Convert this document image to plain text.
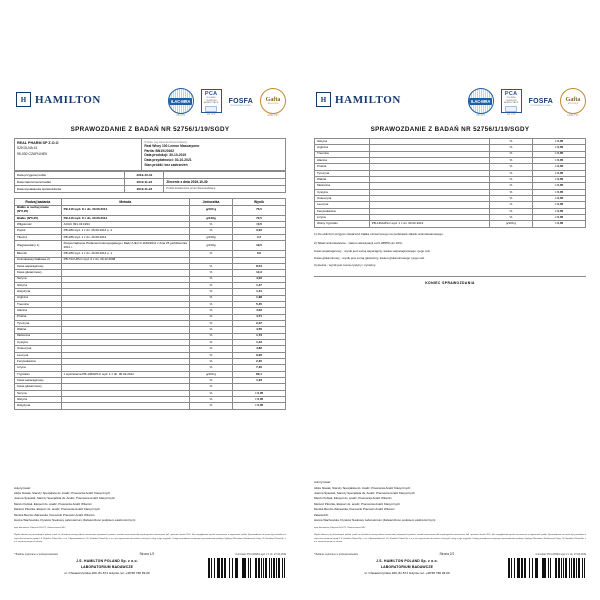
H HAMILTON	ILAC-MRA
AB 079
PCA
POLSKIE CENTRUM AKREDYTACJI
AB 079
FOSFA
INTERNATIONAL
Gafta
APPROVED
ANALYST
SPRAWOZDANIE Z BADAŃ NR 52756/1/19/SGDY
REAL PHARM SP Z.O.O
SZKOLNA 41
95-030 CZAPLINEK

Próbka: (wg zlecenia Zleceniodawcy)
Real Whey 100 Lemon Mascarpone
Partia: BN191/0162
Data produkcji: 30-10-2019
Data przydatności: 30-10-2021
Stan próbki: bez zastrzeżeń
Data przyjęcia próbki	2019-10-31	
Data zakończenia badań	2019-11-22	Zlecenie z dnia 2019-10-30
Data wystawienia sprawozdania	2019-11-22	Próbki dostarczone przez Zleceniodawcę
Rodzaj badania	Metoda	Jednostka	Wynik
Białko w suchej masie (N*6,25)	PB-116 wyd. 8 z dn. 30.06.2014	g/100 g	76,5
Białko (N*6,25)	PB-116 wyd. 8 z dn. 30.06.2014	g/100g	72,5
Wilgotność	AOAC 991.43:1994	%	<0,5
Popiół	PB-280 wyd. 1 z dn. 26.09.2014 p. 2	%	3,23
Tłuszcz	PB-286 wyd. 1 z dn. 26.09.2014	g/100g	4,7
Węglowodany 1)	Rozporządzenie Parlamentu Europejskiego i Rady (UE) Nr 1169/2011 z dnia 25 października 2011 r.	g/100g	19,5
Błonnik	PB-280 wyd. 1 z dn. 26.09.2014 p. 1	%	0,0
Aminokwasy białkowe 2)	PB-724 HPLC wyd. 6 z dn. 30.12.2008		
Kwas asparaginowy		%	8,54
Kwas glutaminowy		%	14,3
Seryna		%	4,03
Glicyna		%	1,47
Histydyna		%	1,41
Arginina		%	1,98
Treonina		%	5,45
Alanina		%	4,02
Prolina		%	4,71
Tyrozyna		%	2,07
Walina		%	4,55
Metionina		%	1,73
Cystyna		%	1,43
Izoleucyna		%	4,82
Leucyna		%	9,26
Fenyloalanina		%	2,40
Lizyna		%	7,40
Tryptofan	z wydzielenia PB-136/HPLC wyd. 1 z dn. 06.02.2012	g/100 g	80,1
Kwas asparaginowy		%	1,23
Kwas glutaminowy		%	
Seryna		%	< 0,05
Glicyna		%	< 0,05
Histydyna		%	< 0,05
Autoryzował:
Alicja Nowak, Starszy Specjalista ds. Analiz, Pracownia Analiz Klasycznych
Joanna Śpiewak, Starszy Specjalista ds. Analiz, Pracownia Analiz Klasycznych
Marcin Kubiak, Ekspert ds. analiz, Pracownia Analiz Witamin
Mariusz Płoszka, Ekspert ds. analiz, Pracownia Analiz Klasycznych
Monika Bembo-Zalcewska, Kierownik Pracowni Analiz Witamin
Hanna Wachowska, Dyrektor Naukowy Laboratorium (Zatwierdzono podpisem elektronicznym)
wzór dokumentu: Załącznik B1-071, Obwieszczenie NSJ
Wyniki odnoszą się do badanych próbek, jeżeli nie określono inaczej podano rozszerzoną niepewność pomiaru, została oszacowana dla współczynnika rozszerzenia k=2 i poziomu ufności 95%. Nie uwzględniono wyniku rozszerzenia o niepewność próbki. Sprawozdanie nie może być powielane w części bez pisemnej zgody J.S. Hamilton Poland Sp. z o.o. Odpowiedzialność J.S. Hamilton Poland Sp. z o.o. jest ograniczona do wartości zleconych usług a jego oryginale. Usługa prowadzona niniejszym sprawozdaniem podlega Ogólnym Warunkom Świadczenia Usług J.S. Hamilton Poland Sp. z o.o. zamieszczonym na stronie.
* Badanie wykonane w podwykonawstwie	Strona 1/2	Formularz PO-14/5061 wyd. 2 z dn. 27.02.2019
J.S. HAMILTON POLAND Sp. z o.o.
LABORATORIUM BADAWCZE
ul. Chwaszczyńska 180, 81-571 Gdynia, tel. +48 58 766 99 00
H HAMILTON	ILAC-MRA
AB 079
PCA
POLSKIE CENTRUM AKREDYTACJI
AB 079
FOSFA
INTERNATIONAL
Gafta
APPROVED
ANALYST
SPRAWOZDANIE Z BADAŃ NR 52756/1/19/SGDY
Glicyna		%	< 0,05
Arginina		%	< 0,05
Treonina		%	< 0,05
Alanina		%	< 0,05
Prolina		%	< 0,05
Tyrozyna		%	< 0,05
Walina		%	< 0,05
Metionina		%	< 0,05
Cystyna		%	< 0,05
Izoleucyna		%	< 0,05
Leucyna		%	< 0,05
Fenyloalanina		%	< 0,05
Lizyna		%	< 0,05
Wolny tryptofan	PB-136/HPLC wyd. 1 z dn. 06.02.2012	g/100 g	< 0,05

1) Do obliczeń przyjęto zawartość białka oznaczonego na podstawie składu aminokwasowego.

2) Skład aminokwasów - zakres akredytacji od 0,0855% do 10%.

Kwas asparaginowy - wynik jest sumą asparaginy, kwasu asparaginowego i jego soli.

Kwas glutaminowy - wynik jest sumą glutaminy, kwasu glutaminowego i jego soli.

Cysteina - wynik jest sumą cystyny i cysteiny.

KONIEC SPRAWOZDANIA
Autoryzował:
Alicja Nowak, Starszy Specjalista ds. Analiz, Pracownia Analiz Klasycznych
Joanna Śpiewak, Starszy Specjalista ds. Analiz, Pracownia Analiz Klasycznych
Marcin Kubiak, Ekspert ds. analiz, Pracownia Analiz Witamin
Mariusz Płoszka, Ekspert ds. analiz, Pracownia Analiz Klasycznych
Monika Bembo-Zalcewska, Kierownik Pracowni Analiz Witamin
Zatwierdził:
Hanna Wachowska, Dyrektor Naukowy Laboratorium (Zatwierdzono podpisem elektronicznym)
wzór dokumentu: Załącznik B1-071, Obwieszczenie NSJ
Wyniki odnoszą się do badanych próbek, jeżeli nie określono inaczej podano rozszerzoną niepewność pomiaru, została oszacowana dla współczynnika rozszerzenia k=2 i poziomu ufności 95%. Nie uwzględniono wyniku rozszerzenia o niepewność próbki. Sprawozdanie nie może być powielane w części bez pisemnej zgody J.S. Hamilton Poland Sp. z o.o. Odpowiedzialność J.S. Hamilton Poland Sp. z o.o. jest ograniczona do wartości zleconych usług a jego oryginale. Usługa prowadzona niniejszym sprawozdaniem podlega Ogólnym Warunkom Świadczenia Usług J.S. Hamilton Poland Sp. z o.o. zamieszczonym na stronie.
* Badanie wykonane w podwykonawstwie	Strona 2/2	Formularz PO-14/5061 wyd. 2 z dn. 27.02.2019
J.S. HAMILTON POLAND Sp. z o.o.
LABORATORIUM BADAWCZE
ul. Chwaszczyńska 180, 81-571 Gdynia, tel. +48 58 766 99 00
